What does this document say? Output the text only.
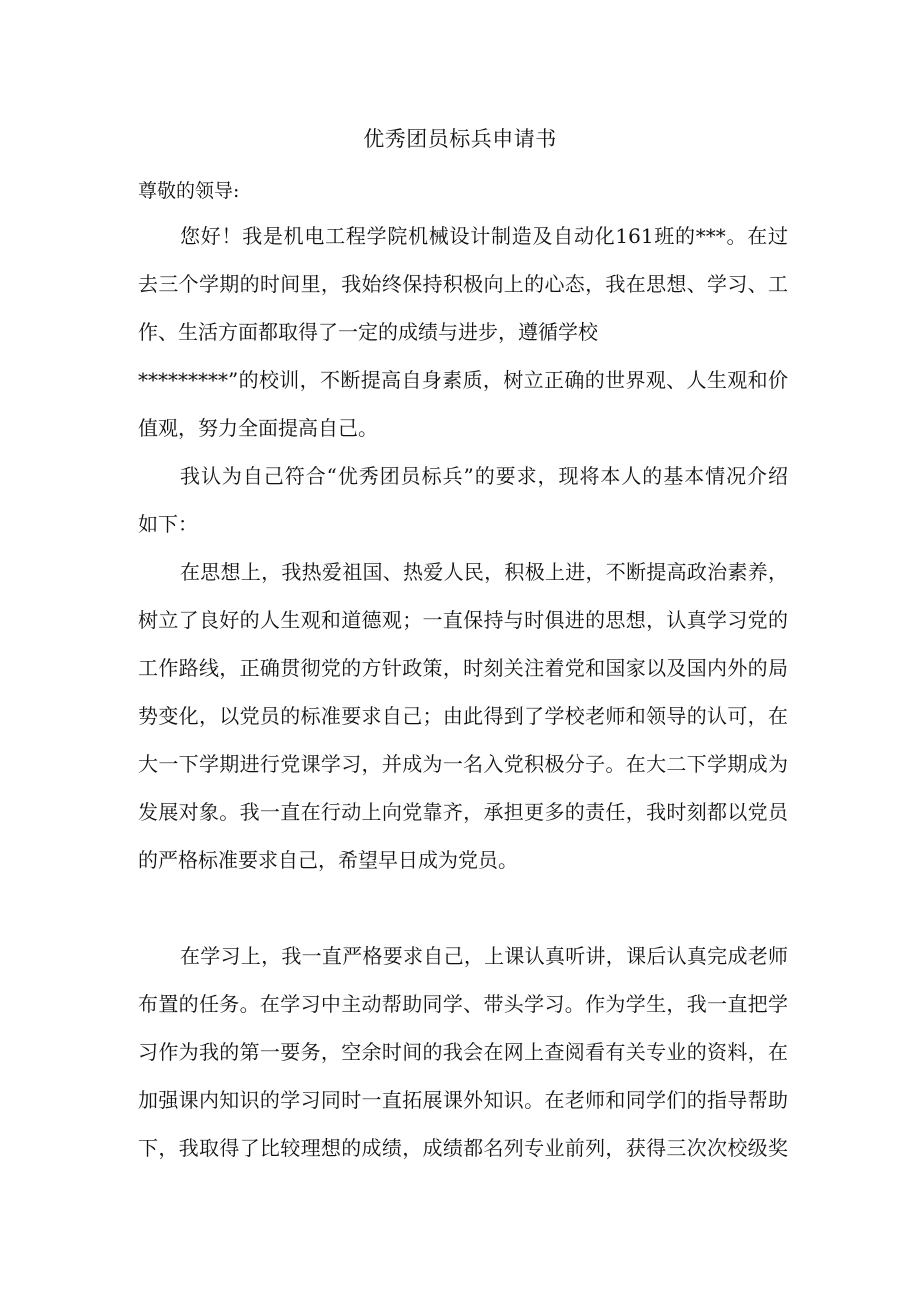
优秀团员标兵申请书
尊敬的领导:
您好！我是机电工程学院机械设计制造及自动化161班的***。在过
去三个学期的时间里，我始终保持积极向上的心态，我在思想、学习、工
作、生活方面都取得了一定的成绩与进步，遵循学校
*********”的校训，不断提高自身素质，树立正确的世界观、人生观和价
值观，努力全面提高自己。
我认为自己符合“优秀团员标兵”的要求，现将本人的基本情况介绍
如下：
在思想上，我热爱祖国、热爱人民，积极上进，不断提高政治素养，
树立了良好的人生观和道德观；一直保持与时俱进的思想，认真学习党的
工作路线，正确贯彻党的方针政策，时刻关注着党和国家以及国内外的局
势变化，以党员的标准要求自己；由此得到了学校老师和领导的认可，在
大一下学期进行党课学习，并成为一名入党积极分子。在大二下学期成为
发展对象。我一直在行动上向党靠齐，承担更多的责任，我时刻都以党员
的严格标准要求自己，希望早日成为党员。
在学习上，我一直严格要求自己，上课认真听讲，课后认真完成老师
布置的任务。在学习中主动帮助同学、带头学习。作为学生，我一直把学
习作为我的第一要务，空余时间的我会在网上查阅看有关专业的资料，在
加强课内知识的学习同时一直拓展课外知识。在老师和同学们的指导帮助
下，我取得了比较理想的成绩，成绩都名列专业前列，获得三次次校级奖
